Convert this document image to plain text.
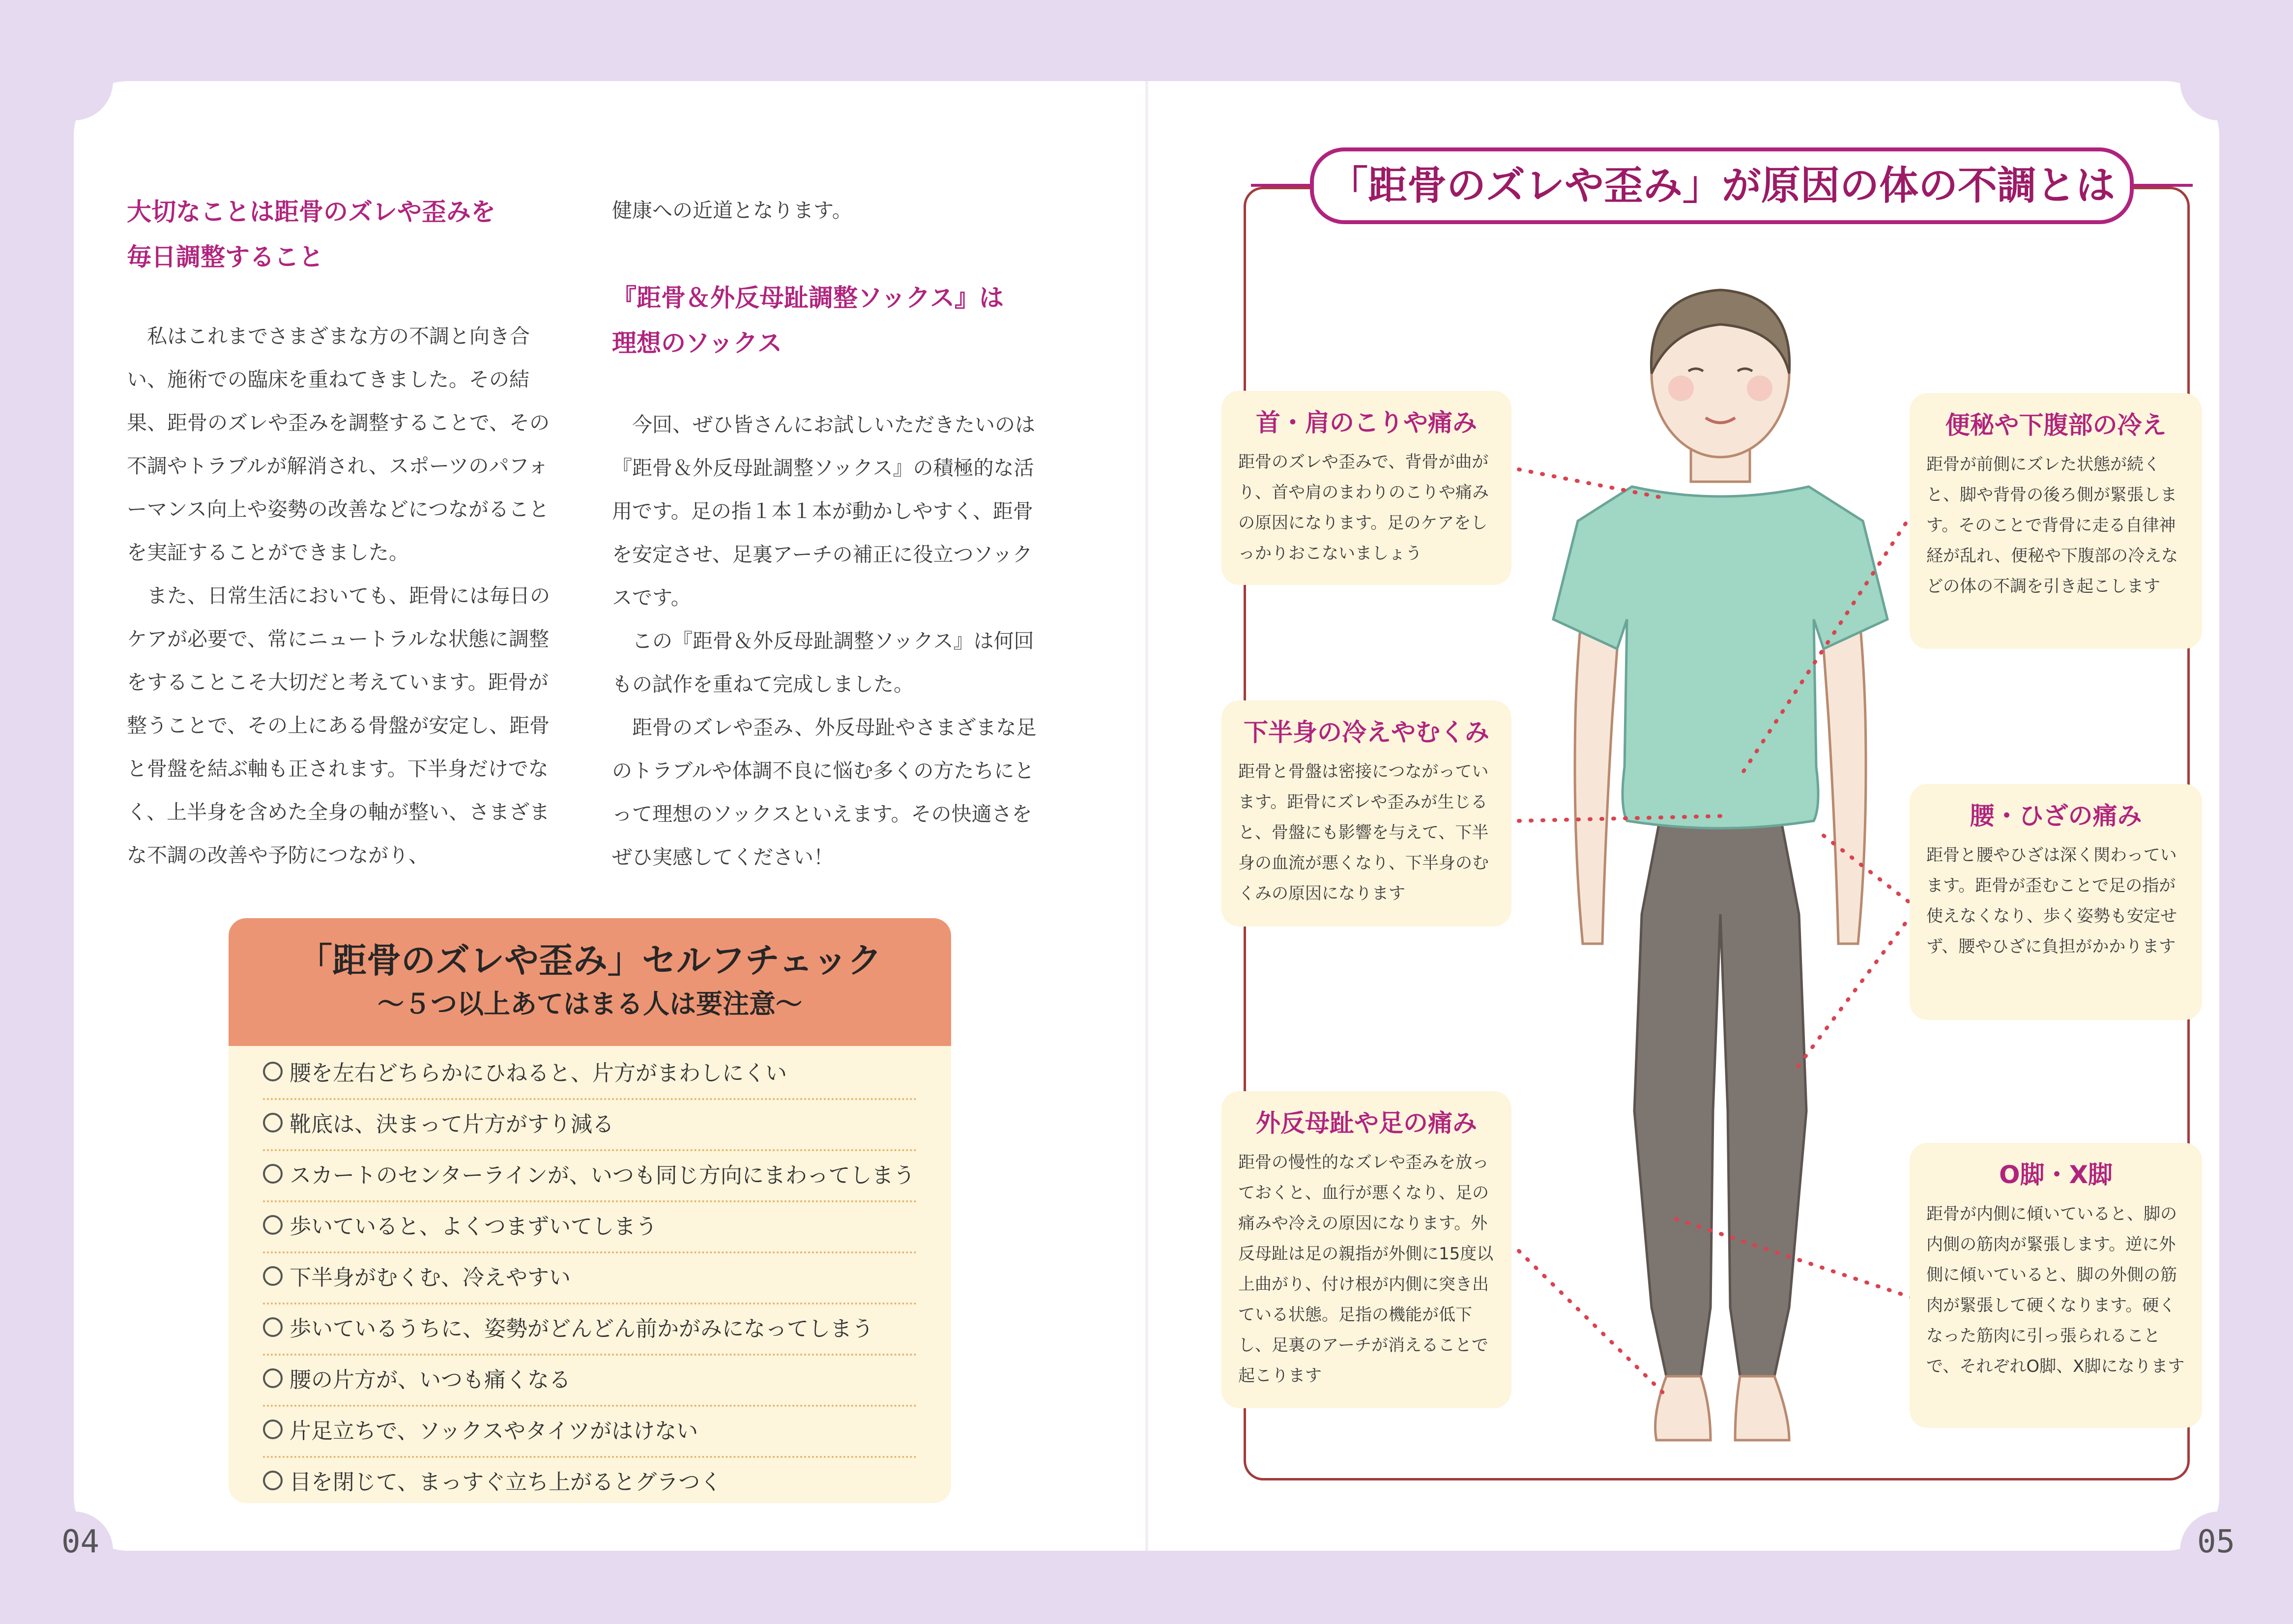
大切なことは距骨のズレや歪みを
毎日調整すること

私はこれまでさまざまな方の不調と向き合い、施術での臨床を重ねてきました。その結果、距骨のズレや歪みを調整することで、その不調やトラブルが解消され、スポーツのパフォーマンス向上や姿勢の改善などにつながることを実証することができました。

また、日常生活においても、距骨には毎日のケアが必要で、常にニュートラルな状態に調整をすることこそ大切だと考えています。距骨が整うことで、その上にある骨盤が安定し、距骨と骨盤を結ぶ軸も正されます。下半身だけでなく、上半身を含めた全身の軸が整い、さまざまな不調の改善や予防につながり、

健康への近道となります。
『距骨＆外反母趾調整ソックス』は
理想のソックス

今回、ぜひ皆さんにお試しいただきたいのは『距骨＆外反母趾調整ソックス』の積極的な活用です。足の指１本１本が動かしやすく、距骨を安定させ、足裏アーチの補正に役立つソックスです。

この『距骨＆外反母趾調整ソックス』は何回もの試作を重ねて完成しました。

距骨のズレや歪み、外反母趾やさまざまな足のトラブルや体調不良に悩む多くの方たちにとって理想のソックスといえます。その快適さをぜひ実感してください！

「距骨のズレや歪み」セルフチェック
～５つ以上あてはまる人は要注意～
腰を左右どちらかにひねると、片方がまわしにくい
靴底は、決まって片方がすり減る
スカートのセンターラインが、いつも同じ方向にまわってしまう
歩いていると、よくつまずいてしまう
下半身がむくむ、冷えやすい
歩いているうちに、姿勢がどんどん前かがみになってしまう
腰の片方が、いつも痛くなる
片足立ちで、ソックスやタイツがはけない
目を閉じて、まっすぐ立ち上がるとグラつく
04
「距骨のズレや歪み」が原因の体の不調とは
首・肩のこりや痛み

距骨のズレや歪みで、背骨が曲がり、首や肩のまわりのこりや痛みの原因になります。足のケアをしっかりおこないましょう

下半身の冷えやむくみ

距骨と骨盤は密接につながっています。距骨にズレや歪みが生じると、骨盤にも影響を与えて、下半身の血流が悪くなり、下半身のむくみの原因になります

外反母趾や足の痛み

距骨の慢性的なズレや歪みを放っておくと、血行が悪くなり、足の痛みや冷えの原因になります。外反母趾は足の親指が外側に15度以上曲がり、付け根が内側に突き出ている状態。足指の機能が低下し、足裏のアーチが消えることで起こります

便秘や下腹部の冷え

距骨が前側にズレた状態が続くと、脚や背骨の後ろ側が緊張します。そのことで背骨に走る自律神経が乱れ、便秘や下腹部の冷えなどの体の不調を引き起こします

腰・ひざの痛み

距骨と腰やひざは深く関わっています。距骨が歪むことで足の指が使えなくなり、歩く姿勢も安定せず、腰やひざに負担がかかります

O脚・X脚

距骨が内側に傾いていると、脚の内側の筋肉が緊張します。逆に外側に傾いていると、脚の外側の筋肉が緊張して硬くなります。硬くなった筋肉に引っ張られることで、それぞれO脚、X脚になります

05
